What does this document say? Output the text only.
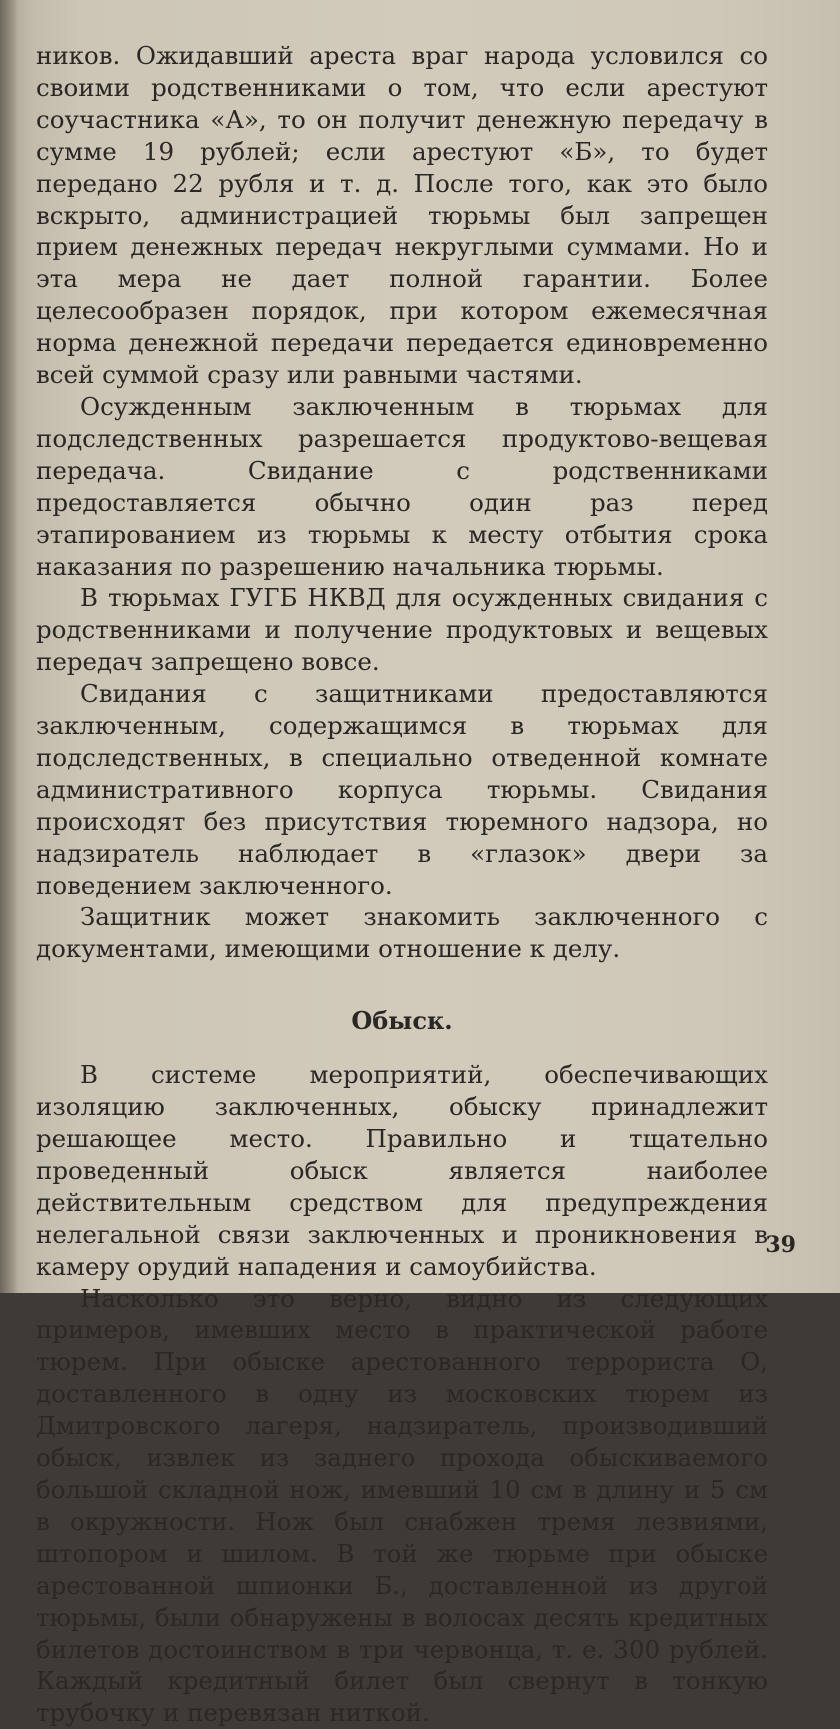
ников. Ожидавший ареста враг народа условился со своими родственниками о том, что если арестуют соучастника «А», то он получит денежную передачу в сумме 19 рублей; если арестуют «Б», то будет передано 22 рубля и т. д. После того, как это было вскрыто, администрацией тюрьмы был запрещен прием денежных передач некруглыми суммами. Но и эта мера не дает полной гарантии. Более целесообразен порядок, при котором ежемесячная норма денежной передачи передается единовременно всей суммой сразу или равными частями.

Осужденным заключенным в тюрьмах для подследственных разрешается продуктово-вещевая передача. Свидание с родственниками предоставляется обычно один раз перед этапированием из тюрьмы к месту отбытия срока наказания по разрешению начальника тюрьмы.

В тюрьмах ГУГБ НКВД для осужденных свидания с родственниками и получение продуктовых и вещевых передач запрещено вовсе.

Свидания с защитниками предоставляются заключенным, содержащимся в тюрьмах для подследственных, в специально отведенной комнате административного корпуса тюрьмы. Свидания происходят без присутствия тюремного надзора, но надзиратель наблюдает в «глазок» двери за поведением заключенного.

Защитник может знакомить заключенного с документами, имеющими отношение к делу.

Обыск.

В системе мероприятий, обеспечивающих изоляцию заключенных, обыску принадлежит решающее место. Правильно и тщательно проведенный обыск является наиболее действительным средством для предупреждения нелегальной связи заключенных и проникновения в камеру орудий нападения и самоубийства.

Насколько это верно, видно из следующих примеров, имевших место в практической работе тюрем. При обыске арестованного террориста О, доставленного в одну из московских тюрем из Дмитровского лагеря, надзиратель, производивший обыск, извлек из заднего прохода обыскиваемого большой складной нож, имевший 10 см в длину и 5 см в окружности. Нож был снабжен тремя лезвиями, штопором и шилом. В той же тюрьме при обыске арестованной шпионки Б., доставленной из другой тюрьмы, были обнаружены в волосах десять кредитных билетов достоинством в три червонца, т. е. 300 рублей. Каждый кредитный билет был свернут в тонкую трубочку и перевязан ниткой.

39
